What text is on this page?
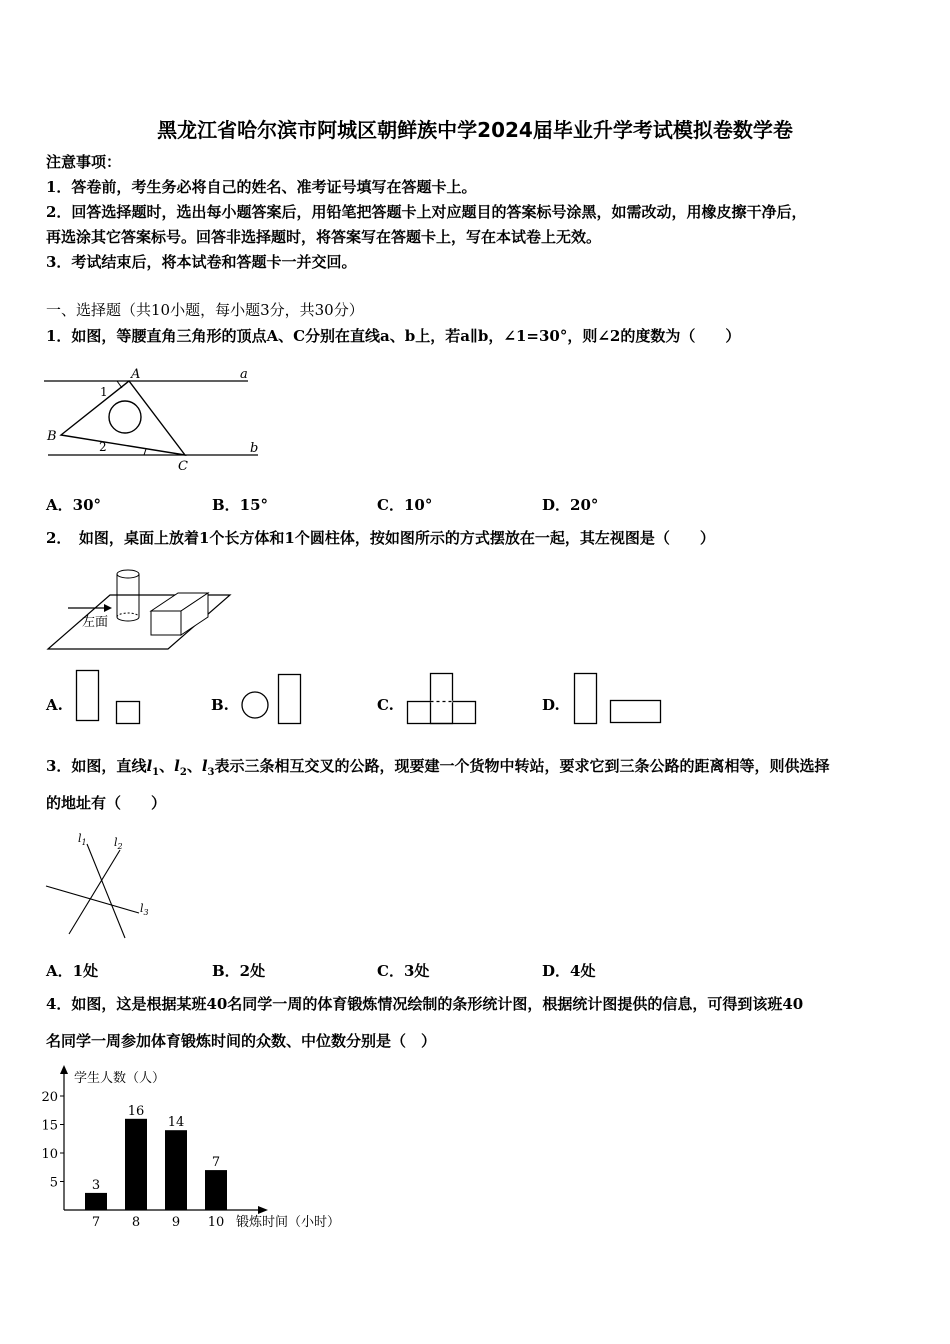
黑龙江省哈尔滨市阿城区朝鲜族中学2024届毕业升学考试模拟卷数学卷
注意事项：
1．答卷前，考生务必将自己的姓名、准考证号填写在答题卡上。
2．回答选择题时，选出每小题答案后，用铅笔把答题卡上对应题目的答案标号涂黑，如需改动，用橡皮擦干净后，
再选涂其它答案标号。回答非选择题时，将答案写在答题卡上，写在本试卷上无效。
3．考试结束后，将本试卷和答题卡一并交回。
一、选择题（共10小题，每小题3分，共30分）
1．如图，等腰直角三角形的顶点A、C分别在直线a、b上，若a∥b，∠1=30°，则∠2的度数为（　　）
A	a
1
B
2
C
b
A．30°	B．15°	C．10°	D．20°
2．　如图，桌面上放着1个长方体和1个圆柱体，按如图所示的方式摆放在一起，其左视图是（　　）
左面
A.	B.	C.	D.
3．如图，直线$l_1$、$l_2$、$l_3$表示三条相互交叉的公路，现要建一个货物中转站，要求它到三条公路的距离相等，则供选择
的地址有（　　）
$l_1$ $l_2$
$l_3$
A．1处	B．2处	C．3处	D．4处
4．如图，这是根据某班40名同学一周的体育锻炼情况绘制的条形统计图，根据统计图提供的信息，可得到该班40
名同学一周参加体育锻炼时间的众数、中位数分别是（　）
学生人数（人）
锻炼时间（小时）
5
10
15
20
3
7
16
8
14
9
7
10
